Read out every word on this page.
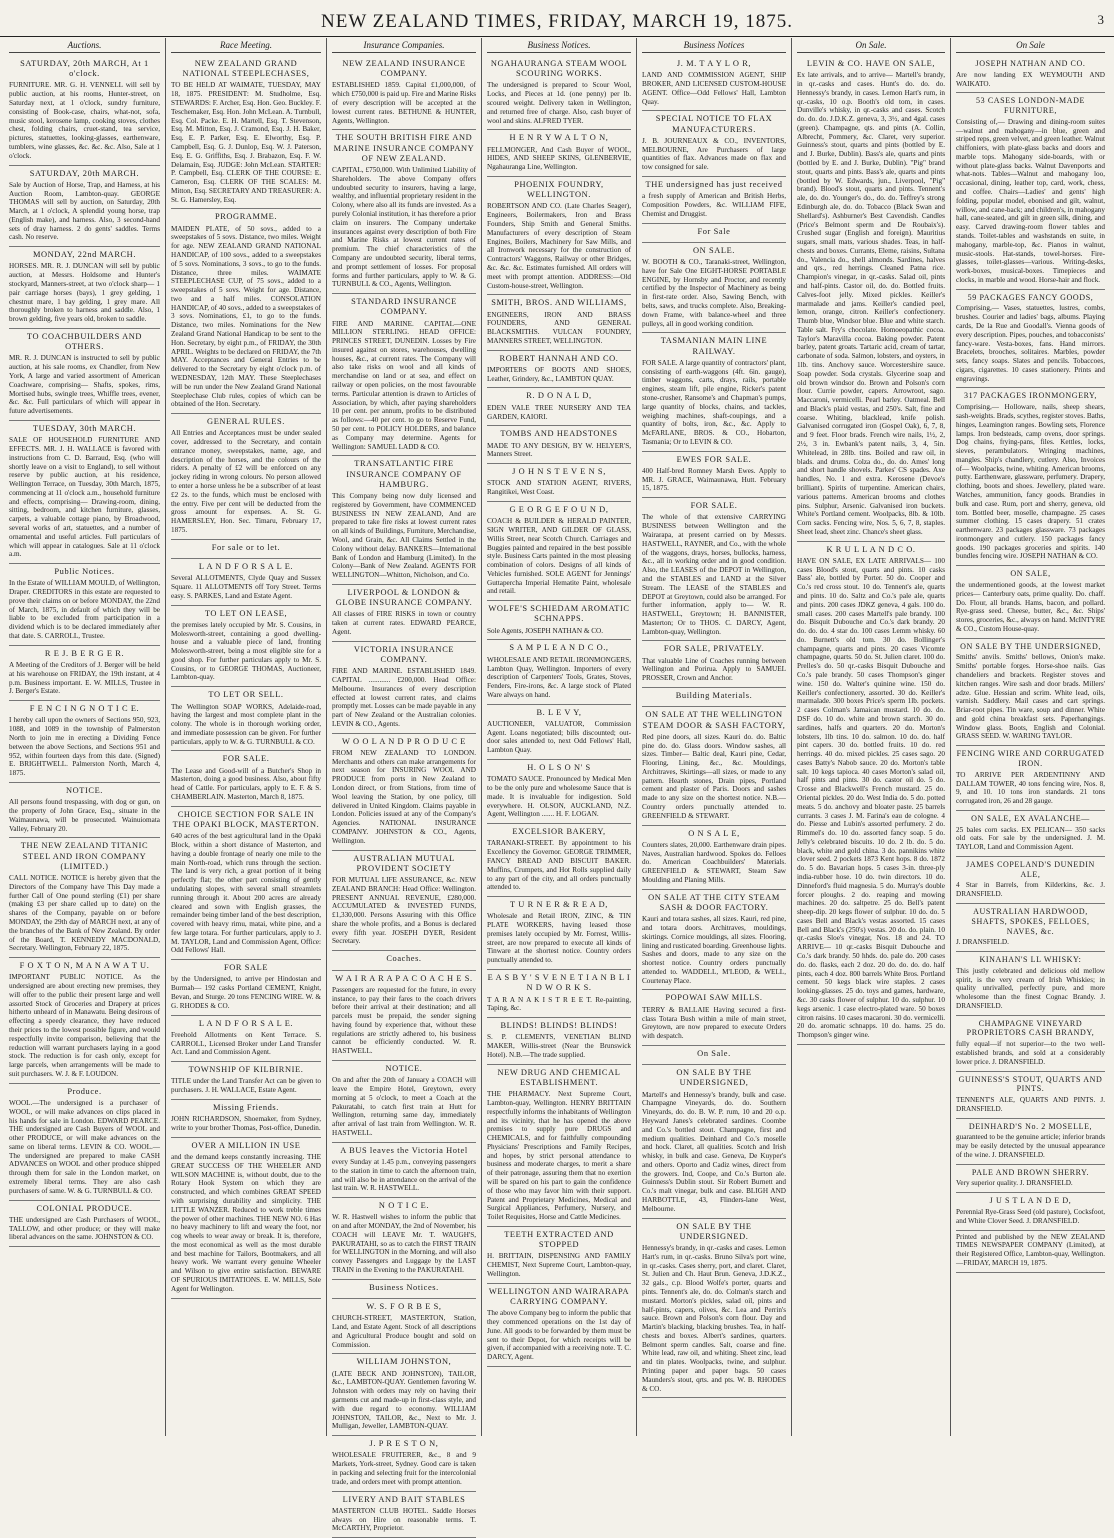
NEW ZEALAND TIMES, FRIDAY, MARCH 19, 1875.	3
Auctions.
SATURDAY, 20th MARCH, At 1 o'clock.

FURNITURE. MR. G. H. VENNELL will sell by public auction, at his rooms, Hunter-street, on Saturday next, at 1 o'clock, sundry furniture, consisting of Book-case, chairs, what-not, sofa, music stool, kerosene lamp, cooking stoves, clothes chest, folding chairs, cruet-stand, tea service, pictures, statuettes, looking-glasses, earthenware, tumblers, wine glasses, &c. &c. &c. Also, Sale at 1 o'clock.

SATURDAY, 20th MARCH.

Sale by Auction of Horse, Trap, and Harness, at his Auction Room, Lambton-quay. GEORGE THOMAS will sell by auction, on Saturday, 20th March, at 1 o'clock, A splendid young horse, trap (English make), and harness. Also, 3 second-hand sets of dray harness. 2 do gents' saddles. Terms cash. No reserve.

MONDAY, 22nd MARCH.

HORSES. MR. R. J. DUNCAN will sell by public auction, at Messrs. Holdsome and Hunter's stockyard, Manners-street, at two o'clock sharp— 1 pair carriage horses (bays), 1 grey gelding, 1 chestnut mare, 1 bay gelding, 1 grey mare. All thoroughly broken to harness and saddle. Also, 1 brown gelding, five years old, broken to saddle.

TO COACHBUILDERS AND OTHERS.

MR. R. J. DUNCAN is instructed to sell by public auction, at his sale rooms, ex Chandler, from New York, A large and varied assortment of American Coachware, comprising— Shafts, spokes, rims, Mortised hubs, swingle trees, Whiffle trees, evener, &c. &c. Full particulars of which will appear in future advertisements.

TUESDAY, 30th MARCH.

SALE OF HOUSEHOLD FURNITURE AND EFFECTS. MR. J. H. WALLACE is favored with instructions from C. D. Barraud, Esq. (who will shortly leave on a visit to England), to sell without reserve by public auction, at his residence, Wellington Terrace, on Tuesday, 30th March, 1875, commencing at 11 o'clock a.m., household furniture and effects, comprising— Drawing-room, dining, sitting, bedroom, and kitchen furniture, glasses, carpets, a valuable cottage piano, by Broadwood, several works of art, statuettes, and a number of ornamental and useful articles. Full particulars of which will appear in catalogues. Sale at 11 o'clock a.m.

Public Notices.

In the Estate of WILLIAM MOULD, of Wellington, Draper. CREDITORS in this estate are requested to prove their claims on or before MONDAY, the 22nd of March, 1875, in default of which they will be liable to be excluded from participation in a dividend which is to be declared immediately after that date. S. CARROLL, Trustee.

R E J. B E R G E R.

A Meeting of the Creditors of J. Berger will be held at his warehouse on FRIDAY, the 19th instant, at 4 p.m. Business important. E. W. MILLS, Trustee in J. Berger's Estate.

F E N C I N G N O T I C E.

I hereby call upon the owners of Sections 950, 923, 1088, and 1089 in the township of Palmerston North to join me in erecting a Dividing Fence between the above Sections, and Sections 951 and 952, within fourteen days from this date. (Signed) E. BRIGHTWELL. Palmerston North, March 4, 1875.

NOTICE.

All persons found trespassing, with dog or gun, on the property of John Grace, Esq., situate in the Waimaunawa, will be prosecuted. Wainuiomata Valley, February 20.

THE NEW ZEALAND TITANIC STEEL AND IRON COMPANY (LIMITED.)

CALL NOTICE. NOTICE is hereby given that the Directors of the Company have This Day made a further Call of One pound sterling (£1) per share (making £3 per share called up to date) on the shares of the Company, payable on or before MONDAY, the 29th day of MARCH next, at any of the branches of the Bank of New Zealand. By order of the Board, T. KENNEDY MACDONALD, Secretary. Wellington, February 22, 1875.

F O X T O N, M A N A W A T U.

IMPORTANT PUBLIC NOTICE. As the undersigned are about erecting new premises, they will offer to the public their present large and well assorted Stock of Groceries and Drapery at prices hitherto unheard of in Manawatu. Being desirous of effecting a speedy clearance, they have reduced their prices to the lowest possible figure, and would respectfully invite comparison, believing that the reduction will warrant purchasers laying in a good stock. The reduction is for cash only, except for large parcels, when arrangements will be made to suit purchasers. W. J. & F. LOUDON.

Produce.

WOOL.—The undersigned is a purchaser of WOOL, or will make advances on clips placed in his hands for sale in London. EDWARD PEARCE. THE undersigned are Cash Buyers of WOOL and other PRODUCE, or will make advances on the same on liberal terms. LEVIN & CO. WOOL.—The undersigned are prepared to make CASH ADVANCES on WOOL and other produce shipped through them for sale in the London market, on extremely liberal terms. They are also cash purchasers of same. W. & G. TURNBULL & CO.

COLONIAL PRODUCE.

THE undersigned are Cash Purchasers of WOOL, TALLOW, and other produce; or they will make liberal advances on the same. JOHNSTON & CO.

Race Meeting.
NEW ZEALAND GRAND NATIONAL STEEPLECHASES,

TO BE HELD AT WAIMATE, TUESDAY, MAY 18, 1875. PRESIDENT: M. Studholme, Esq. STEWARDS: F. Archer, Esq. Hon. Geo. Buckley. F. Teschemaker, Esq. Hon. John McLean. A. Turnbull, Esq. Col. Packe. E. H. Martell, Esq. T. Stevenson, Esq. M. Mitton, Esq. J. Cramond, Esq. J. H. Baker, Esq. E. P. Parker, Esq. E. Elworthy, Esq. P. Campbell, Esq. G. J. Dunlop, Esq. W. J. Paterson, Esq. E. G. Griffiths, Esq. J. Brabazon, Esq. F. W. Delamain, Esq. JUDGE: John McLean. STARTER: P. Campbell, Esq. CLERK OF THE COURSE: E. Cameron, Esq. CLERK OF THE SCALES: M. Mitton, Esq. SECRETARY AND TREASURER: A. St. G. Hamersley, Esq.

PROGRAMME.

MAIDEN PLATE, of 50 sovs., added to a sweepstakes of 5 sovs. Distance, two miles. Weight for age. NEW ZEALAND GRAND NATIONAL HANDICAP, of 100 sovs., added to a sweepstakes of 5 sovs. Nominations, 3 sovs., to go to the funds. Distance, three miles. WAIMATE STEEPLECHASE CUP, of 75 sovs., added to a sweepstakes of 5 sovs. Weight for age. Distance, two and a half miles. CONSOLATION HANDICAP, of 40 sovs., added to a sweepstakes of 3 sovs. Nominations, £1, to go to the funds. Distance, two miles. Nominations for the New Zealand Grand National Handicap to be sent to the Hon. Secretary, by eight p.m., of FRIDAY, the 30th APRIL. Weights to be declared on FRIDAY, the 7th MAY. Acceptances and General Entries to be delivered to the Secretary by eight o'clock p.m. of WEDNESDAY, 12th MAY. These Steeplechases will be run under the New Zealand Grand National Steeplechase Club rules, copies of which can be obtained of the Hon. Secretary.

GENERAL RULES.

All Entries and Acceptances must be under sealed cover, addressed to the Secretary, and contain entrance money, sweepstakes, name, age, and description of the horses, and the colours of the riders. A penalty of £2 will be enforced on any jockey riding in wrong colours. No person allowed to enter a horse unless he be a subscriber of at least £2 2s. to the funds, which must be enclosed with the entry. Five per cent will be deducted from the gross amount for expenses. A. St. G. HAMERSLEY, Hon. Sec. Timaru, February 17, 1875.

For sale or to let.
L A N D F O R S A L E.

Several ALLOTMENTS, Clyde Quay and Sussex Square. 11 ALLOTMENTS off Tory Street. Terms easy. S. PARKES, Land and Estate Agent.

TO LET ON LEASE,

the premises lately occupied by Mr. S. Cousins, in Molesworth-street, containing a good dwelling-house and a valuable piece of land, fronting Molesworth-street, being a most eligible site for a good shop. For further particulars apply to Mr. S. Cousins, or to GEORGE THOMAS, Auctioneer, Lambton-quay.

TO LET OR SELL.

The Wellington SOAP WORKS, Adelaide-road, having the largest and most complete plant in the colony. The whole is in thorough working order, and immediate possession can be given. For further particulars, apply to W. & G. TURNBULL & CO.

FOR SALE.

The Lease and Good-will of a Butcher's Shop in Masterton, doing a good business. Also, about fifty head of Cattle. For particulars, apply to E. F. & S. CHAMBERLAIN. Masterton, March 8, 1875.

CHOICE SECTION FOR SALE IN THE OPAKI BLOCK, MASTERTON.

640 acres of the best agricultural land in the Opaki Block, within a short distance of Masterton, and having a double frontage of nearly one mile to the main North-road, which runs through the section. The land is very rich, a great portion of it being perfectly flat; the other part consisting of gently undulating slopes, with several small streamlets running through it. About 200 acres are already cleared and sown with English grasses, the remainder being timber land of the best description, covered with heavy rimu, matai, white pine, and a few large totara. For further particulars, apply to J. M. TAYLOR, Land and Commission Agent, Office: Odd Fellows' Hall.

FOR SALE

by the Undersigned, to arrive per Hindostan and Burmah— 192 casks Portland CEMENT, Knight, Bevan, and Sturge. 20 tons FENCING WIRE. W. & G. RHODES & CO.

L A N D F O R S A L E.

Freehold Allotments on Kent Terrace. S. CARROLL, Licensed Broker under Land Transfer Act. Land and Commission Agent.

TOWNSHIP OF KILBIRNIE.

TITLE under the Land Transfer Act can be given to purchasers. J. H. WALLACE, Estate Agent.

Missing Friends.

JOHN RICHARDSON, Shoemaker, from Sydney, write to your brother Thomas, Post-office, Dunedin.

OVER A MILLION IN USE

and the demand keeps constantly increasing. THE GREAT SUCCESS OF THE WHEELER AND WILSON MACHINE is, without doubt, due to the Rotary Hook System on which they are constructed, and which combines GREAT SPEED with surprising durability and simplicity. THE LITTLE WANZER. Reduced to work treble times the power of other machines. THE NEW NO. 6 Has no heavy machinery to lift and weary the foot, nor cog wheels to wear away or break. It is, therefore, the most economical as well as the most durable and best machine for Tailors, Bootmakers, and all heavy work. We warrant every genuine Wheeler and Wilson to give entire satisfaction. BEWARE OF SPURIOUS IMITATIONS. E. W. MILLS, Sole Agent for Wellington.

Insurance Companies.
NEW ZEALAND INSURANCE COMPANY.

ESTABLISHED 1859. Capital £1,000,000, of which £750,000 is paid up. Fire and Marine Risks of every description will be accepted at the lowest current rates. BETHUNE & HUNTER, Agents, Wellington.

THE SOUTH BRITISH FIRE AND MARINE INSURANCE COMPANY OF NEW ZEALAND.

CAPITAL, £750,000. With Unlimited Liability of Shareholders. The above Company offers undoubted security to insurers, having a large, wealthy, and influential proprietary resident in the Colony, where also all its funds are invested. As a purely Colonial institution, it has therefore a prior claim on insurers. The Company undertake insurances against every description of both Fire and Marine Risks at lowest current rates of premium. The chief characteristics of the Company are undoubted security, liberal terms, and prompt settlement of losses. For proposal forms and further particulars, apply to W. & G. TURNBULL & CO., Agents, Wellington.

STANDARD INSURANCE COMPANY.

FIRE AND MARINE. CAPITAL—ONE MILLION STERLING. HEAD OFFICE: PRINCES STREET, DUNEDIN. Losses by Fire insured against on stores, warehouses, dwelling houses, &c., at current rates. The Company will also take risks on wool and all kinds of merchandise on land or at sea, and effect on railway or open policies, on the most favourable terms. Particular attention is drawn to Articles of Association, by which, after paying shareholders 10 per cent. per annum, profits to be distributed as follows:—40 per cent. to go to Reserve Fund, 50 per cent. to POLICY HOLDERS, and balance as Company may determine. Agents for Wellington: SAMUEL LADD & CO.

TRANSATLANTIC FIRE INSURANCE COMPANY OF HAMBURG.

This Company being now duly licensed and registered by Government, have COMMENCED BUSINESS IN NEW ZEALAND, And are prepared to take fire risks at lowest current rates on all kinds of Buildings, Furniture, Merchandise, Wool, and Grain, &c. All Claims Settled in the Colony without delay. BANKERS—International Bank of London and Hamburg (Limited). In the Colony—Bank of New Zealand. AGENTS FOR WELLINGTON—Whitton, Nicholson, and Co.

LIVERPOOL & LONDON & GLOBE INSURANCE COMPANY.

All classes of FIRE RISKS in town or country taken at current rates. EDWARD PEARCE, Agent.

VICTORIA INSURANCE COMPANY.

FIRE AND MARINE. ESTABLISHED 1849. CAPITAL ............ £200,000. Head Office: Melbourne. Insurances of every description effected at lowest current rates, and claims promptly met. Losses can be made payable in any part of New Zealand or the Australian colonies. LEVIN & CO., Agents.

W O O L A N D P R O D U C E

FROM NEW ZEALAND TO LONDON. Merchants and others can make arrangements for next season for INSURING WOOL AND PRODUCE from ports in New Zealand to London direct, or from Stations, from time of Wool leaving the Station, by one policy, till delivered in United Kingdom. Claims payable in London. Policies issued at any of the Company's Agencies. NATIONAL INSURANCE COMPANY. JOHNSTON & CO., Agents, Wellington.

AUSTRALIAN MUTUAL PROVIDENT SOCIETY

FOR MUTUAL LIFE ASSURANCE, &c. NEW ZEALAND BRANCH: Head Office: Wellington. PRESENT ANNUAL REVENUE, £280,000. ACCUMULATED & INVESTED FUNDS, £1,330,000. Persons Assuring with this Office share the whole profits, and a Bonus is declared every fifth year. JOSEPH DYER, Resident Secretary.

Coaches.
W A I R A R A P A C O A C H E S.

Passengers are requested for the future, in every instance, to pay their fares to the coach drivers before their arrival at their destination; and all parcels must be prepaid, the sender signing having found by experience that, without these regulations are strictly adhered to, his business cannot be efficiently conducted. W. R. HASTWELL.

NOTICE.

On and after the 20th of January a COACH will leave the Empire Hotel, Greytown, every morning at 5 o'clock, to meet a Coach at the Pakuratahi, to catch first train at Hutt for Wellington, returning same day, immediately after arrival of last train from Wellington. W. R. HASTWELL.

A BUS leaves the Victoria Hotel

every Sunday at 1.45 p.m., conveying passengers to the station in time to catch the afternoon train, and will also be in attendance on the arrival of the last train. W. R. HASTWELL.

N O T I C E.

W. R. Hastwell wishes to inform the public that on and after MONDAY, the 2nd of November, his COACH will LEAVE Mr. T. WAUGH'S, PAKURATAHI, so as to catch the FIRST TRAIN for WELLINGTON in the Morning, and will also convey Passengers and Luggage by the LAST TRAIN in the Evening to the PAKURATAHI.

Business Notices.
W. S. F O R B E S,

CHURCH-STREET, MASTERTON, Station, Land, and Estate Agent. Stock of all descriptions and Agricultural Produce bought and sold on Commission.

WILLIAM JOHNSTON,

(LATE BECK AND JOHNSTON), TAILOR, &c., LAMBTON-QUAY. Gentlemen favoring W. Johnston with orders may rely on having their garments cut and made-up in first-class style, and with due regard to economy. WILLIAM JOHNSTON, TAILOR, &c., Next to Mr. J. Mulligan, Jeweller, LAMBTON-QUAY.

J. P R E S T O N,

WHOLESALE FRUITERER, &c., 8 and 9 Markets, York-street, Sydney. Good care is taken in packing and selecting fruit for the intercolonial trade, and orders meet with prompt attention.

LIVERY AND BAIT STABLES

MASTERTON CLUB HOTEL. Saddle Horses always on Hire on reasonable terms. T. McCARTHY, Proprietor.

Business Notices.
NGAHAURANGA STEAM WOOL SCOURING WORKS.

The undersigned is prepared to Scour Wool, Locks, and Pieces at 1d. (one penny) per lb. scoured weight. Delivery taken in Wellington, and returned free of charge. Also, cash buyer of wool and skins. ALFRED TYER.

H E N R Y W A L T O N,

FELLMONGER, And Cash Buyer of WOOL, HIDES, AND SHEEP SKINS, GLENBERVIE, Ngahauranga Line, Wellington.

PHOENIX FOUNDRY, WELLINGTON.

ROBERTSON AND CO. (Late Charles Seager), Engineers, Boilermakers, Iron and Brass Founders, Ship Smith and General Smiths. Manufacturers of every description of Steam Engines, Boilers, Machinery for Saw Mills, and all Ironwork necessary for the construction of Contractors' Waggons, Railway or other Bridges, &c. &c. &c. Estimates furnished. All orders will meet with prompt attention. ADDRESS:—Old Custom-house-street, Wellington.

SMITH, BROS. AND WILLIAMS,

ENGINEERS, IRON AND BRASS FOUNDERS, AND GENERAL BLACKSMITHS. VULCAN FOUNDRY, MANNERS STREET, WELLINGTON.

ROBERT HANNAH AND CO.

IMPORTERS OF BOOTS AND SHOES, Leather, Grindery, &c., LAMBTON QUAY.

R. D O N A L D,

EDEN VALE TREE NURSERY AND TEA GARDEN, KAIORI.

TOMBS AND HEADSTONES

MADE TO ANY DESIGN, BY W. HELYER'S, Manners Street.

J O H N S T E V E N S,

STOCK AND STATION AGENT, RIVERS, Rangitikei, West Coast.

G E O R G E F O U N D,

COACH & BUILDER & HERALD PAINTER, SIGN WRITER, AND GILDER OF GLASS, Willis Street, near Scotch Church. Carriages and Buggies painted and repaired in the best possible style. Business Carts painted in the most pleasing combination of colors. Designs of all kinds of Vehicles furnished. SOLE AGENT for Jennings' Guttapercha Imperial Hematite Paint, wholesale and retail.

WOLFE'S SCHIEDAM AROMATIC SCHNAPPS.

Sole Agents, JOSEPH NATHAN & CO.

S A M P L E A N D C O.,

WHOLESALE AND RETAIL IRONMONGERS, Lambton Quay, Wellington. Importers of every description of Carpenters' Tools, Grates, Stoves, Fenders, Fire-irons, &c. A large stock of Plated Ware always on hand.

B. L E V Y,

AUCTIONEER, VALUATOR, Commission Agent. Loans negotiated; bills discounted; out-door sales attended to, next Odd Fellows' Hall, Lambton Quay.

H. O L S O N' S

TOMATO SAUCE. Pronounced by Medical Men to be the only pure and wholesome Sauce that is made. It is invaluable for indigestion. Sold everywhere. H. OLSON, AUCKLAND, N.Z. Agent, Wellington ....... H. F. LOGAN.

EXCELSIOR BAKERY,

TARANAKI-STREET. By appointment to his Excellency the Governor. GEORGE TRIMMER, FANCY BREAD AND BISCUIT BAKER. Muffins, Crumpets, and Hot Rolls supplied daily to any part of the city, and all orders punctually attended to.

T U R N E R & R E A D,

Wholesale and Retail IRON, ZINC, & TIN PLATE WORKERS, having leased those premises lately occupied by Mr. Forrest, Willis-street, are now prepared to execute all kinds of Tinware at the shortest notice. Country orders punctually attended to.

E A S B Y ' S V E N E T I A N B L I N D W O R K S.

T A R A N A K I S T R E E T. Re-painting, Taping, &c.

BLINDS! BLINDS! BLINDS!

S. P. CLEMENTS, VENETIAN BLIND MAKER, Willis-street (Near the Brunswick Hotel). N.B.—The trade supplied.

NEW DRUG AND CHEMICAL ESTABLISHMENT.

THE PHARMACY. Next Supreme Court, Lambton-quay, Wellington. HENRY BRITTAIN respectfully informs the inhabitants of Wellington and its vicinity, that he has opened the above premises to supply pure DRUGS and CHEMICALS, and for faithfully compounding Physicians' Prescriptions and Family Recipes, and hopes, by strict personal attendance to business and moderate charges, to merit a share of their patronage, assuring them that no exertion will be spared on his part to gain the confidence of those who may favor him with their support. Patent and Proprietary Medicines, Medical and Surgical Appliances, Perfumery, Nursery, and Toilet Requisites, Horse and Cattle Medicines.

TEETH EXTRACTED AND STOPPED

H. BRITTAIN, DISPENSING AND FAMILY CHEMIST, Next Supreme Court, Lambton-quay, Wellington.

WELLINGTON AND WAIRARAPA CARRYING COMPANY.

The above Company beg to inform the public that they commenced operations on the 1st day of June. All goods to be forwarded by them must be sent to their Depot, for which receipts will be given, if accompanied with a receiving note. T. C. DARCY, Agent.

Business Notices
J. M. T A Y L O R,

LAND AND COMMISSION AGENT, SHIP BROKER, AND LICENSED CUSTOM-HOUSE AGENT. Office—Odd Fellows' Hall, Lambton Quay.

SPECIAL NOTICE TO FLAX MANUFACTURERS.

J. B. JOURNEAUX & CO., INVENTORS, MELBOURNE, Are Purchasers of large quantities of flax. Advances made on flax and tow consigned for sale.

THE undersigned has just received

a fresh supply of American and British Herbs, Composition Powders, &c. WILLIAM FIFE, Chemist and Druggist.

For Sale
ON SALE.

W. BOOTH & CO., Taranaki-street, Wellington, have for Sale One EIGHT-HORSE PORTABLE ENGINE, by Hornsby and Proctor, and recently certified by the Inspector of Machinery as being in first-rate order. Also, Sawing Bench, with belts, saws, and trucks complete. Also, Breaking-down Frame, with balance-wheel and three pulleys, all in good working condition.

TASMANIAN MAIN LINE RAILWAY.

FOR SALE. A large quantity of contractors' plant, consisting of earth-waggons (4ft. 6in. gauge), timber waggons, carts, drays, rails, portable engines, steam lift, pile engine, Ricker's patent stone-crusher, Ransome's and Chapman's pumps, large quantity of blocks, chains, and tackles, weighing machines, shaft-coupings, and a quantity of bolts, iron, &c., &c. Apply to McFARLANE, BROS. & CO., Hobarton, Tasmania; Or to LEVIN & CO.

EWES FOR SALE.

400 Half-bred Romney Marsh Ewes. Apply to MR. J. GRACE, Waimaunawa, Hutt. February 15, 1875.

FOR SALE.

The whole of that extensive CARRYING BUSINESS between Wellington and the Wairarapa, at present carried on by Messrs. HASTWELL, RAYNER, and Co., with the whole of the waggons, drays, horses, bullocks, harness, &c., all in working order and in good condition. Also, the LEASES of the DEPOT in Wellington, and the STABLES and LAND at the Silver Stream. The LEASE of the STABLES and DEPOT at Greytown, could also be arranged. For further information, apply to— W. R. HASTWELL, Greytown; H. BANNISTER, Masterton; Or to THOS. C. DARCY, Agent, Lambton-quay, Wellington.

FOR SALE, PRIVATELY.

That valuable Line of Coaches running between Wellington and Porirua. Apply to SAMUEL PROSSER, Crown and Anchor.

Building Materials.
ON SALE AT THE WELLINGTON STEAM DOOR & SASH FACTORY,

Red pine doors, all sizes. Kauri do. do. Baltic pine do. do. Glass doors. Window sashes, all sizes. Timber— Baltic deal, Kauri pine, Cedar, Flooring, Lining, &c., &c. Mouldings, Architraves, Skirtings—all sizes, or made to any pattern. Hearth stones, Drain pipes, Portland cement and plaster of Paris. Doors and sashes made to any size on the shortest notice. N.B.—Country orders punctually attended to. GREENFIELD & STEWART.

O N S A L E,

Counters slates, 20,000. Earthenware drain pipes. Naves, Australian hardwood. Spokes do. Felloes do. American Coachbuilders' Materials. GREENFIELD & STEWART, Steam Saw Moulding and Planing Mills.

ON SALE AT THE CITY STEAM SASH & DOOR FACTORY.

Kauri and totara sashes, all sizes. Kauri, red pine, and totara doors. Architraves, mouldings, skirtings. Cornice mouldings, all sizes. Flooring, lining and rusticated boarding. Greenhouse lights. Sashes and doors, made to any size on the shortest notice. Country orders punctually attended to. WADDELL, M'LEOD, & WELL, Courtenay Place.

POPOWAI SAW MILLS.

TERRY & BALLAIE Having secured a first-class Totara Bush within a mile of main street, Greytown, are now prepared to execute Orders with despatch.

On Sale.
ON SALE BY THE UNDERSIGNED,

Martell's and Hennessy's brandy, bulk and case. Champagne Vineyards, do. do. Southern Vineyards, do. do. B. W. P. rum, 10 and 20 o.p. Heyward Janes's celebrated sardines. Coombe and Co.'s bottled stout. Champagne, first and medium qualities. Deinhard and Co.'s moselle and hock. Claret, all qualities. Scotch and Irish whisky, in bulk and case. Geneva, De Kuyper's and others. Oporto and Cadiz wines, direct from the growers. Ind, Coope, and Co.'s Burton ale. Guinness's Dublin stout. Sir Robert Burnett and Co.'s malt vinegar, bulk and case. BLIGH AND HARBOTTLE, 43, Flinders-lane West, Melbourne.

ON SALE BY THE UNDERSIGNED.

Hennessy's brandy, in qr.-casks and cases. Lemon Hart's rum, in qr.-casks. Bruno Silva's port wine, in qr.-casks. Cases sherry, port, and claret. Claret, St. Julien and Ch. Haut Brun. Geneva, J.D.K.Z., 32 gals., c.p. Blood Wolfe's porter, quarts and pints. Tennent's ale, do. do. Colman's starch and mustard. Morton's pickles, salad oil, pints and half-pints, capers, olives, &c. Lea and Perrin's sauce. Brown and Polson's corn flour. Day and Martin's blacking, blacking brushes. Tea, in half-chests and boxes. Albert's sardines, quarters. Belmont sperm candles. Salt, coarse and fine. White lead, raw oil, and whiting. Sheet zinc, lead and tin plates. Woolpacks, twine, and sulphur. Printing paper and paper bags. 50 cases Maunders's stout, qrts. and pts. W. B. RHODES & CO.

On Sale.
LEVIN & CO. HAVE ON SALE,

Ex late arrivals, and to arrive— Martell's brandy, in qr.-casks and cases. Hunt's do. do. do. Hennessy's brandy, in cases. Lemon Hart's rum, in qr.-casks, 10 o.p. Booth's old tom, in cases. Dunville's whisky, in qr.-casks and cases. Scotch do. do. do. J.D.K.Z. geneva, 3, 3½, and 4gal. cases (green). Champagne, qts. and pints (A. Collin, Albrecht, Pommery, &c. Claret, very superior. Guinness's stout, quarts and pints (bottled by E. and J. Burke, Dublin). Bass's ale, quarts and pints (bottled by E. and J. Burke, Dublin). "Pig" brand stout, quarts and pints. Bass's ale, quarts and pints (bottled by W. Edwards, jun., Liverpool, "Pig" brand). Blood's stout, quarts and pints. Tennent's ale, do. do. Younger's do., do. do. Teffrey's strong Edinburgh ale, do. do. Tobacco (Black Swan and Shellard's). Ashburner's Best Cavendish. Candles (Price's Belmont sperm and De Roubaix's). Crushed sugar (English and foreign). Mauritius sugars, small mats, various shades. Teas, in half-chests and boxes. Currants, Eleme, raisins, Sultana do., Valencia do., shell almonds. Sardines, halves and qrs., red herrings. Cleaned Patna rice. Champion's vinegar, in qr.-casks. Salad oil, pints and half-pints. Castor oil, do. do. Bottled fruits. Calves-foot jelly. Mixed pickles. Keiller's marmalade and jams. Keiller's candied peel, lemon, orange, citron. Keiller's confectionery. Thumb blue, Windsor blue. Blue and white starch. Table salt. Fry's chocolate. Homoeopathic cocoa. Taylor's Maravilla cocoa. Baking powder. Patent barley, patent groats. Tartaric acid, cream of tartar, carbonate of soda. Salmon, lobsters, and oysters, in 1lb. tins. Anchovy sauce. Worcestershire sauce. Soap powder. Soda crystals. Glycerine soap and old brown windsor do. Brown and Polson's corn flour. Currie powder, capers. Arrowroot, sago. Maccaroni, vermicelli. Pearl barley. Oatmeal. Bell and Black's plaid vestas, and 250's. Salt, fine and coarse. Whiting, blacklead, knife polish. Galvanised corrugated iron (Gospel Oak), 6, 7, 8, and 9 feet. Floor brads. French wire nails, 1½, 2, 2½, 3 in. Ewbank's patent nails, 3, 4, 5in. Whitelead, in 28lb. tins. Boiled and raw oil, in blads. and drums. Colza do., do. do. Ames' long and short handle shovels. Parkes' CS spades. Axe handles, No. 1 and extra. Kerosene (Devoe's brilliant). Spirits of turpentine. American chairs, various patterns. American brooms and clothes pins. Sulphur, Arsenic. Galvanised iron buckets. White's Portland cement. Woolpacks, 8lb. & 10lb. Corn sacks. Fencing wire, Nos. 5, 6, 7, 8, staples. Sheet lead, sheet zinc. Chance's sheet glass.

K R U L L A N D C O.

HAVE ON SALE, EX LATE ARRIVALS— 100 cases Blood's stout, quarts and pints. 10 casks Bass' ale, bottled by Porter. 50 do. Cooper and Co.'s red cross stout. 10 do. Tennent's ale, quarts and pints. 10 do. Saltz and Co.'s pale ale, quarts and pints. 200 cases JDKZ geneva, 4 gals. 100 do. small cases. 200 cases Martell's pale brandy. 100 do. Bisquit Dubouche and Co.'s dark brandy. 20 do. do. do. 4 star do. 100 cases Lemm whisky. 60 do. Burnett's old tom. 30 do. Bollinger's champagne, quarts and pints. 20 cases Vicomte champagne, quarts. 50 do. St. Julien claret. 100 do. Prelles's do. 50 qr.-casks Bisquit Dubouche and Co.'s pale brandy. 50 cases Thompson's ginger wine. 150 do. Walter's quinine wine. 150 do. Keiller's confectionery, assorted. 30 do. Keiller's marmalade. 300 boxes Price's sperm 1lb. pockets. 2 cases Colman's Jamaican mustard. 10 do. do. DSF do. 10 do. white and brown starch. 30 do. sardines, halfs and quarters. 20 do. Morton's lobsters, 1lb tins. 10 do. salmon. 10 do. do. half pint capers. 30 do. bottled fruits. 10 do. red herrings. 40 do. mixed pickles. 25 cases sago. 20 cases Batty's Nabob sauce. 20 do. Morton's table salt. 10 kegs tapioca. 40 cases Morton's salad oil, half pints and pints. 30 do. castor oil do. 5 do. Crosse and Blackwell's French mustard. 25 do. Oriental pickles. 20 do. West India do. 5 do. potted meats. 5 do. anchovy and bloater paste. 25 barrels currants. 3 cases J. M. Farina's eau de cologne. 4 do. Piesse and Lubin's assorted perfumery. 2 do. Rimmel's do. 10 do. assorted fancy soap. 5 do. Jelly's celebrated biscuits. 10 do. 2 lb. do. 5 do. black, white and gold china. 3 do. pannikins white clover seed. 2 pockets 1873 Kent hops. 8 do. 1872 do. 5 do. Bavarian hops. 5 cases 3-in. three-ply india-rubber hose. 10 do. twin directors. 10 do. Dinneford's fluid magnesia. 5 do. Murray's double forcer ploughs. 2 do. reaping and mowing machines. 20 do. saltpetre. 25 do. Bell's patent sheep-dip. 20 kegs flower of sulphur. 10 do. do. 5 cases Bell and Black's vestas assorted. 15 cases Bell and Black's (250's) vestas. 20 do. do. plain. 10 qr.-casks Sloe's vinegar, Nos. 18 and 24. TO ARRIVE— 10 qr.-casks Bisquit Dubouche and Co.'s dark brandy. 50 hhds. do. pale do. 200 cases do. do. flasks, each 2 doz. 20 do. do. do. do. half pints, each 4 doz. 800 barrels White Bros. Portland cement. 50 kegs black wire staples. 2 cases looking-glasses. 25 do. toys and games, hardware, &c. 30 casks flower of sulphur. 10 do. sulphur. 10 kegs arsenic. 1 case electro-plated ware. 50 boxes citron raisins. 10 cases macaroni. 30 do. vermicelli. 20 do. aromatic schnapps. 10 do. hams. 25 do. Thompson's ginger wine.

On Sale
JOSEPH NATHAN AND CO.

Are now landing EX WEYMOUTH AND WAIKATO.

53 CASES LONDON-MADE FURNITURE,

Consisting of,— Drawing and dining-room suites—walnut and mahogany—in blue, green and striped reps, green velvet, and green leather. Walnut chiffoniers, with plate-glass backs and doors and marble tops. Mahogany side-boards, with or without plate-glass backs. Walnut Davenports and what-nots. Tables—Walnut and mahogany loo, occasional, dining, leather top, card, work, chess, and coffee. Chairs—Ladies' and gents' high folding, popular model, ebonised and gilt, walnut, willow, and cane-back; and children's, in mahogany hall, cane-seated, and gilt in green silk, dining, and easy. Carved drawing-room flower tables and stands. Toilet-tables and washstands en suite, in mahogany, marble-top, &c. Pianos in walnut, music-stools. Hat-stands, towel-horses. Fire-glasses, toilet-glasses—various. Writing-desks, work-boxes, musical-boxes. Timepieces and clocks, in marble and wood. Horse-hair and flock.

59 PACKAGES FANCY GOODS,

Comprising,— Vases, statuettes, lustres, combs, brushes. Courier and ladies' bags, albums. Playing cards, De la Rue and Goodall's. Vienna goods of every description. Pipes, pouches, and tobacconists' fancy-ware. Vesta-boxes, fans. Hand mirrors. Bracelets, brooches, solitaires. Marbles, powder sets, fancy soaps. Slates and pencils. Tobaccoes, cigars, cigarettes. 10 cases stationery. Prints and engravings.

317 PACKAGES IRONMONGERY,

Comprising,— Holloware, nails, sheep shears, sash-weights. Brads, scythes, register stoves. Baths, hinges, Leamington ranges. Bowling sets, Florence lamps. Iron bedsteads, camp ovens, door springs. Dog chains, frying-pans, files. Kettles, locks, sieves, perambulators. Wringing machines, mangles. Ship's chandlery, cutlery. Also, Invoices of— Woolpacks, twine, whiting. American brooms, putty. Earthenware, glassware, perfumery. Drapery, clothing, boots and shoes. Jewellery, plated ware. Watches, ammunition, fancy goods. Brandies in bulk and case. Rum, port and sherry, geneva, old tom. Bottled beer, moselle, champagne. 25 cases summer clothing. 15 cases drapery. 51 crates earthenware. 23 packages glassware. 73 packages ironmongery and cutlery. 150 packages fancy goods. 190 packages groceries and spirits. 140 bundles fencing wire. JOSEPH NATHAN & CO.

ON SALE,

the undermentioned goods, at the lowest market prices— Canterbury oats, prime quality. Do. chaff. Do. Flour, all brands. Hams, bacon, and pollard. Rye-grass seed. Cheese, butter, &c., &c. Ships' stores, groceries, &c., always on hand. McINTYRE & CO., Custom House-quay.

ON SALE BY THE UNDERSIGNED,

Smiths' anvils. Smiths' bellows, Onion's make. Smiths' portable forges. Horse-shoe nails. Gas chandeliers and brackets. Register stoves and kitchen ranges. Wire sash and door brads. Millers' adze. Glue. Hessian and scrim. White lead, oils, varnish. Saddlery. Mail cases and cart springs. Briar-root pipes. Tin ware, soup and dinner. White and gold china breakfast sets. Paperhangings. Window glass. Boots, English and Colonial. GRASS SEED. W. WARING TAYLOR.

FENCING WIRE AND CORRUGATED IRON.

TO ARRIVE PER ARDENTINNY AND DALLAM TOWER, 40 tons fencing wire, Nos. 8, 9, and 10. 10 tons iron standards. 21 tons corrugated iron, 26 and 28 gauge.

ON SALE, EX AVALANCHE—

25 bales corn sacks. EX PELICAN— 350 sacks old oats. For sale by the undersigned. J. M. TAYLOR, Land and Commission Agent.

JAMES COPELAND'S DUNEDIN ALE,

4 Star in Barrels, from Kilderkins, &c. J. DRANSFIELD.

AUSTRALIAN HARDWOOD, SHAFTS, SPOKES, FELLOES, NAVES, &c.

J. DRANSFIELD.

KINAHAN'S LL WHISKY:

This justly celebrated and delicious old mellow spirit, is the very cream of Irish Whiskies; in quality unrivalled, perfectly pure, and more wholesome than the finest Cognac Brandy. J. DRANSFIELD.

CHAMPAGNE VINEYARD PROPRIETORS CASH BRANDY,

fully equal—if not superior—to the two well-established brands, and sold at a considerably lower price. J. DRANSFIELD.

GUINNESS'S STOUT, QUARTS AND PINTS.

TENNENT'S ALE, QUARTS AND PINTS. J. DRANSFIELD.

DEINHARD'S No. 2 MOSELLE,

guaranteed to be the genuine article; inferior brands may be easily detected by the unusual appearance of the wine. J. DRANSFIELD.

PALE AND BROWN SHERRY.

Very superior quality. J. DRANSFIELD.

J U S T L A N D E D,

Perennial Rye-Grass Seed (old pasture), Cocksfoot, and White Clover Seed. J. DRANSFIELD.

Printed and published by the NEW ZEALAND TIMES NEWSPAPER COMPANY (Limited), at their Registered Office, Lambton-quay, Wellington.—FRIDAY, MARCH 19, 1875.
